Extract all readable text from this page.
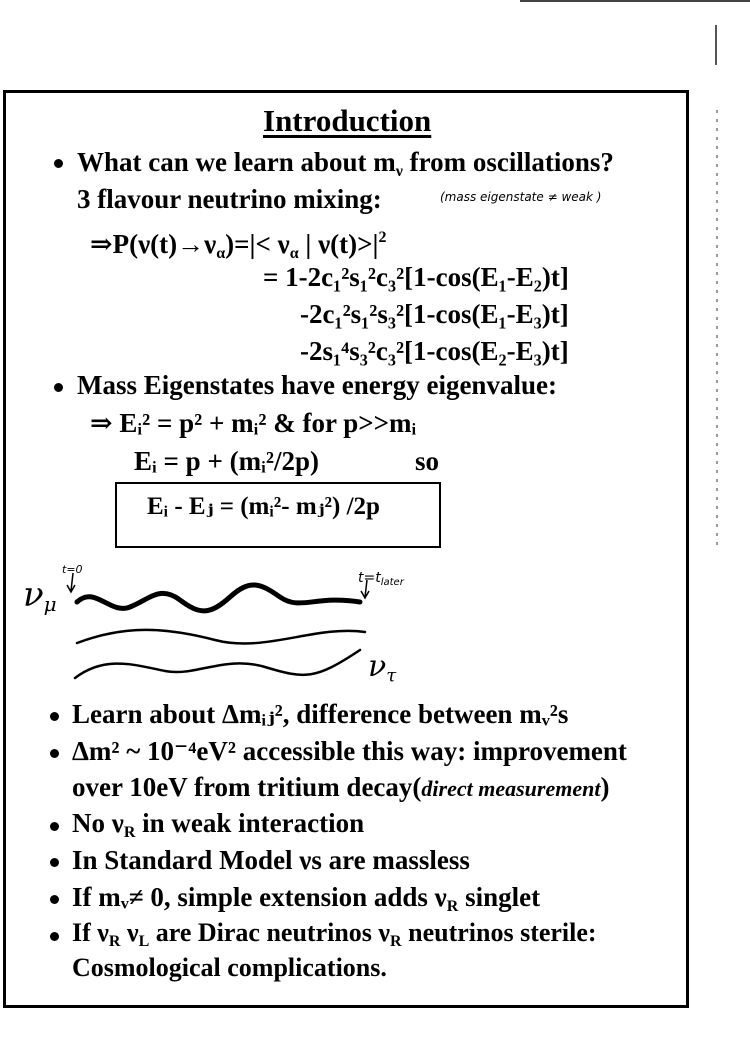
Introduction
What can we learn about $m_\nu$ from oscillations?
3 flavour neutrino mixing:	(mass eigenstate ≠ weak )
$\Rightarrow P(\nu(t)\to\nu_\alpha)=|< \nu_\alpha$ | $\nu(t)>|^2$
= 1-2c₁²s₁²c₃²[1-cos(E₁-E₂)t]
-2c₁²s₁²s₃²[1-cos(E₁-E₃)t]
-2s₁⁴s₃²c₃²[1-cos(E₂-E₃)t]
Mass Eigenstates have energy eigenvalue:
⇒ Eᵢ² = p² + mᵢ² & for p>>mᵢ
Eᵢ = p + (mᵢ²/2p)	so
Eᵢ - Eⱼ = (mᵢ²- mⱼ²) /2p
t=0
$t=t_{later}$
$\nu_\mu$
$\nu_\tau$
Learn about Δmᵢⱼ², difference between mᵥ²s
Δm² ~ 10⁻⁴eV² accessible this way: improvement
over 10eV from tritium decay(direct measurement)
No $\nu_R$ in weak interaction
In Standard Model νs are massless
If mᵥ≠ 0, simple extension adds $\nu_R$ singlet
If $\nu_R$ $\nu_L$ are Dirac neutrinos $\nu_R$ neutrinos sterile:
Cosmological complications.
